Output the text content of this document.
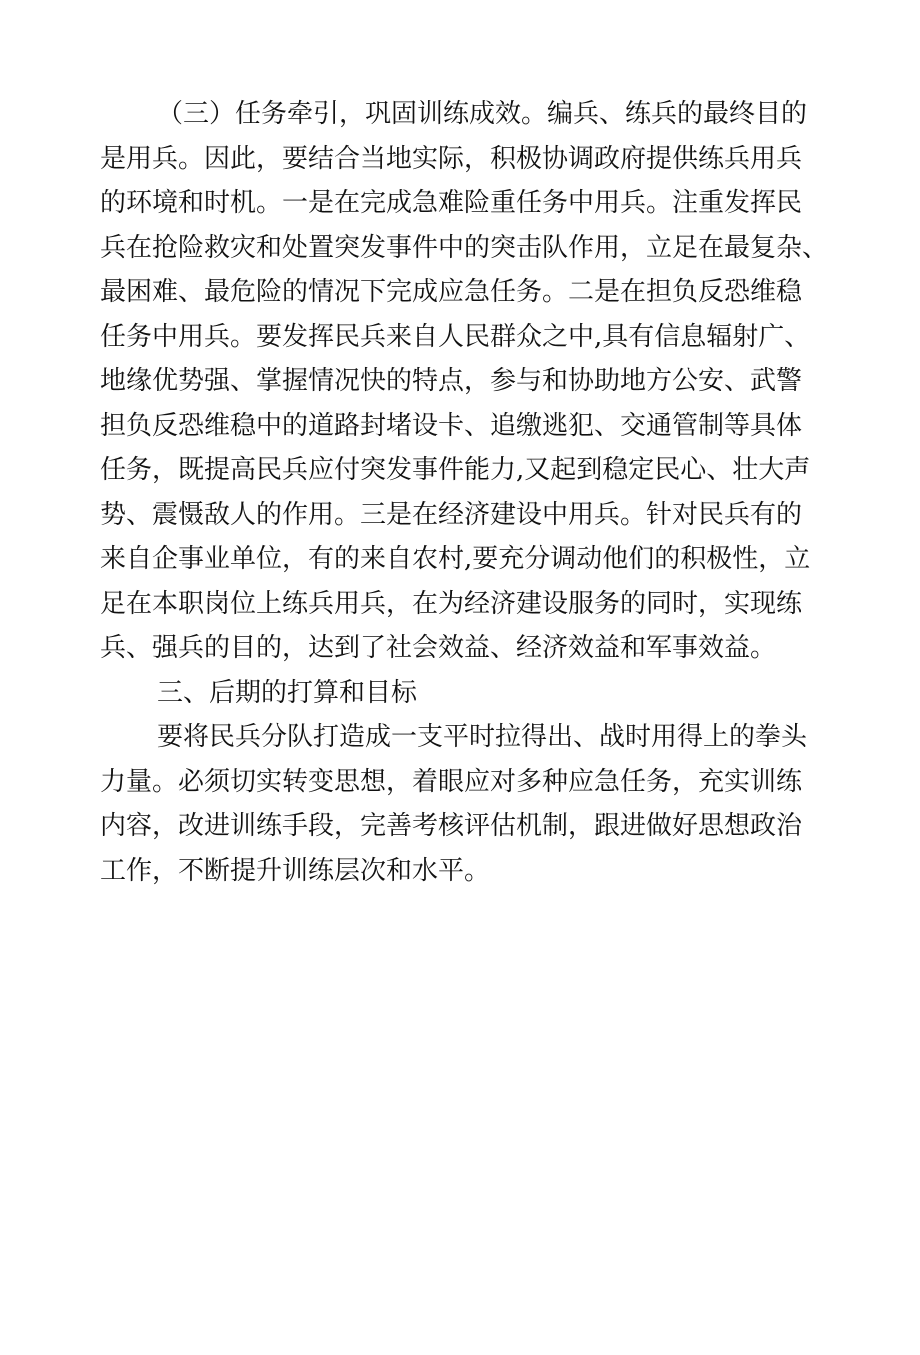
（三）任务牵引，巩固训练成效。编兵、练兵的最终目的
是用兵。因此，要结合当地实际，积极协调政府提供练兵用兵
的环境和时机。一是在完成急难险重任务中用兵。注重发挥民
兵在抢险救灾和处置突发事件中的突击队作用，立足在最复杂、
最困难、最危险的情况下完成应急任务。二是在担负反恐维稳
任务中用兵。要发挥民兵来自人民群众之中,具有信息辐射广、
地缘优势强、掌握情况快的特点，参与和协助地方公安、武警
担负反恐维稳中的道路封堵设卡、追缴逃犯、交通管制等具体
任务，既提高民兵应付突发事件能力,又起到稳定民心、壮大声
势、震慑敌人的作用。三是在经济建设中用兵。针对民兵有的
来自企事业单位，有的来自农村,要充分调动他们的积极性，立
足在本职岗位上练兵用兵，在为经济建设服务的同时，实现练
兵、强兵的目的，达到了社会效益、经济效益和军事效益。

三、后期的打算和目标

要将民兵分队打造成一支平时拉得出、战时用得上的拳头
力量。必须切实转变思想，着眼应对多种应急任务，充实训练
内容，改进训练手段，完善考核评估机制，跟进做好思想政治
工作，不断提升训练层次和水平。
